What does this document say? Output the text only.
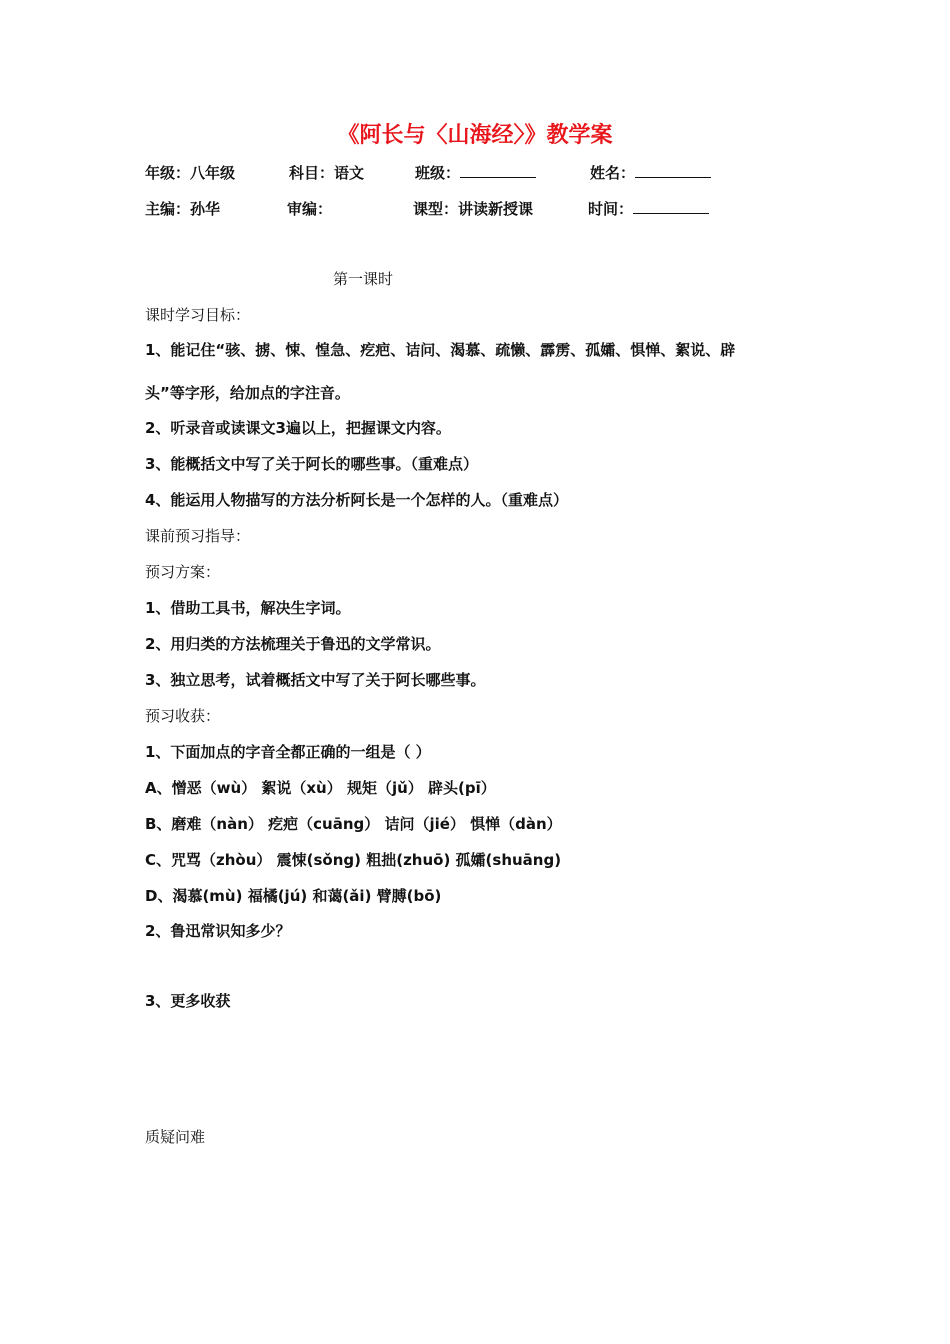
《阿长与〈山海经〉》教学案
年级：八年级	科目：语文	班级：	姓名：
主编：孙华	审编：	课型：讲读新授课	时间：
第一课时
课时学习目标：
1、能记住“骇、掳、悚、惶急、疙疤、诘问、渴慕、疏懒、霹雳、孤孀、惧惮、絮说、辟
头”等字形，给加点的字注音。
2、听录音或读课文3遍以上，把握课文内容。
3、能概括文中写了关于阿长的哪些事。（重难点）
4、能运用人物描写的方法分析阿长是一个怎样的人。（重难点）
课前预习指导：
预习方案：
1、借助工具书，解决生字词。
2、用归类的方法梳理关于鲁迅的文学常识。
3、独立思考，试着概括文中写了关于阿长哪些事。
预习收获：
1、下面加点的字音全都正确的一组是（ ）
A、憎恶（wù） 絮说（xù） 规矩（jǔ） 辟头(pī）
B、磨难（nàn） 疙疤（cuāng） 诘问（jié） 惧惮（dàn）
C、咒骂（zhòu） 震悚(sǒng) 粗拙(zhuō) 孤孀(shuāng)
D、渴慕(mù) 福橘(jú) 和蔼(ǎi) 臂膊(bō)
2、鲁迅常识知多少？
3、更多收获
质疑问难
